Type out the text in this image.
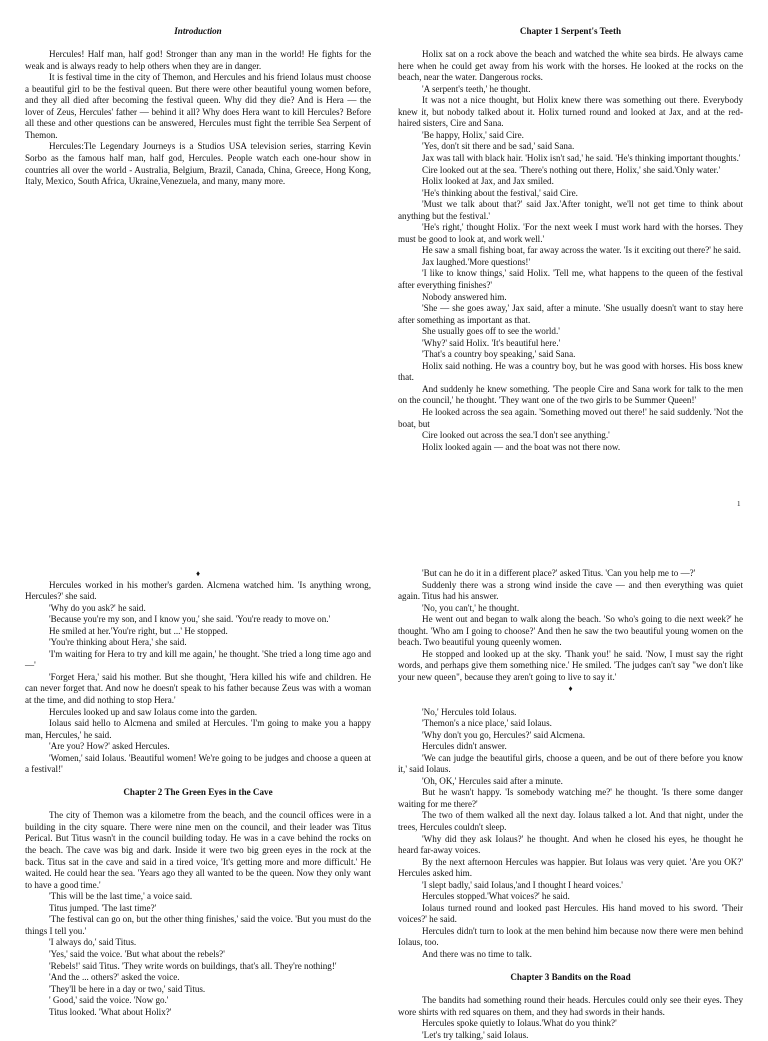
Introduction

Hercules! Half man, half god! Stronger than any man in the world! He fights for the weak and is always ready to help others when they are in danger.

It is festival time in the city of Themon, and Hercules and his friend Iolaus must choose a beautiful girl to be the festival queen. But there were other beautiful young women before, and they all died after becoming the festival queen. Why did they die? And is Hera — the lover of Zeus, Hercules' father — behind it all? Why does Hera want to kill Hercules? Before all these and other questions can be answered, Hercules must fight the terrible Sea Serpent of Themon.

Hercules:Tle Legendary Journeys is a Studios USA television series, starring Kevin Sorbo as the famous half man, half god, Hercules. People watch each one-hour show in countries all over the world - Australia, Belgium, Brazil, Canada, China, Greece, Hong Kong, Italy, Mexico, South Africa, Ukraine,Venezuela, and many, many more.

Chapter 1 Serpent's Teeth

Holix sat on a rock above the beach and watched the white sea birds. He always came here when he could get away from his work with the horses. He looked at the rocks on the beach, near the water. Dangerous rocks.

'A serpent's teeth,' he thought.

It was not a nice thought, but Holix knew there was something out there. Everybody knew it, but nobody talked about it. Holix turned round and looked at Jax, and at the red-haired sisters, Cire and Sana.

'Be happy, Holix,' said Cire.

'Yes, don't sit there and be sad,' said Sana.

Jax was tall with black hair. 'Holix isn't sad,' he said. 'He's thinking important thoughts.'

Cire looked out at the sea. 'There's nothing out there, Holix,' she said.'Only water.'

Holix looked at Jax, and Jax smiled.

'He's thinking about the festival,' said Cire.

'Must we talk about that?' said Jax.'After tonight, we'll not get time to think about anything but the festival.'

'He's right,' thought Holix. 'For the next week I must work hard with the horses. They must be good to look at, and work well.'

He saw a small fishing boat, far away across the water. 'Is it exciting out there?' he said.

Jax laughed.'More questions!'

'I like to know things,' said Holix. 'Tell me, what happens to the queen of the festival after everything finishes?'

Nobody answered him.

'She — she goes away,' Jax said, after a minute. 'She usually doesn't want to stay here after something as important as that.

She usually goes off to see the world.'

'Why?' said Holix. 'It's beautiful here.'

'That's a country boy speaking,' said Sana.

Holix said nothing. He was a country boy, but he was good with horses. His boss knew that.

And suddenly he knew something. 'The people Cire and Sana work for talk to the men on the council,' he thought. 'They want one of the two girls to be Summer Queen!'

He looked across the sea again. 'Something moved out there!' he said suddenly. 'Not the boat, but

Cire looked out across the sea.'I don't see anything.'

Holix looked again — and the boat was not there now.

1
♦

Hercules worked in his mother's garden. Alcmena watched him. 'Is anything wrong, Hercules?' she said.

'Why do you ask?' he said.

'Because you're my son, and I know you,' she said. 'You're ready to move on.'

He smiled at her.'You're right, but ...' He stopped.

'You're thinking about Hera,' she said.

'I'm waiting for Hera to try and kill me again,' he thought. 'She tried a long time ago and —'

'Forget Hera,' said his mother. But she thought, 'Hera killed his wife and children. He can never forget that. And now he doesn't speak to his father because Zeus was with a woman at the time, and did nothing to stop Hera.'

Hercules looked up and saw Iolaus come into the garden.

Iolaus said hello to Alcmena and smiled at Hercules. 'I'm going to make you a happy man, Hercules,' he said.

'Are you? How?' asked Hercules.

'Women,' said Iolaus. 'Beautiful women! We're going to be judges and choose a queen at a festival!'

Chapter 2 The Green Eyes in the Cave

The city of Themon was a kilometre from the beach, and the council offices were in a building in the city square. There were nine men on the council, and their leader was Titus Perical. But Titus wasn't in the council building today. He was in a cave behind the rocks on the beach. The cave was big and dark. Inside it were two big green eyes in the rock at the back. Titus sat in the cave and said in a tired voice, 'It's getting more and more difficult.' He waited. He could hear the sea. 'Years ago they all wanted to be the queen. Now they only want to have a good time.'

'This will be the last time,' a voice said.

Titus jumped. 'The last time?'

'The festival can go on, but the other thing finishes,' said the voice. 'But you must do the things I tell you.'

'I always do,' said Titus.

'Yes,' said the voice. 'But what about the rebels?'

'Rebels!' said Titus. 'They write words on buildings, that's all. They're nothing!'

'And the ... others?' asked the voice.

'They'll be here in a day or two,' said Titus.

' Good,' said the voice. 'Now go.'

Titus looked. 'What about Holix?'

'But can he do it in a different place?' asked Titus. 'Can you help me to —?'

Suddenly there was a strong wind inside the cave — and then everything was quiet again. Titus had his answer.

'No, you can't,' he thought.

He went out and began to walk along the beach. 'So who's going to die next week?' he thought. 'Who am I going to choose?' And then he saw the two beautiful young women on the beach. Two beautiful young queenly women.

He stopped and looked up at the sky. 'Thank you!' he said. 'Now, I must say the right words, and perhaps give them something nice.' He smiled. 'The judges can't say "we don't like your new queen", because they aren't going to live to say it.'

♦

'No,' Hercules told Iolaus.

'Themon's a nice place,' said Iolaus.

'Why don't you go, Hercules?' said Alcmena.

Hercules didn't answer.

'We can judge the beautiful girls, choose a queen, and be out of there before you know it,' said Iolaus.

'Oh, OK,' Hercules said after a minute.

But he wasn't happy. 'Is somebody watching me?' he thought. 'Is there some danger waiting for me there?'

The two of them walked all the next day. Iolaus talked a lot. And that night, under the trees, Hercules couldn't sleep.

'Why did they ask Iolaus?' he thought. And when he closed his eyes, he thought he heard far-away voices.

By the next afternoon Hercules was happier. But Iolaus was very quiet. 'Are you OK?' Hercules asked him.

'I slept badly,' said Iolaus,'and I thought I heard voices.'

Hercules stopped.'What voices?' he said.

Iolaus turned round and looked past Hercules. His hand moved to his sword. 'Their voices?' he said.

Hercules didn't turn to look at the men behind him because now there were men behind Iolaus, too.

And there was no time to talk.

Chapter 3 Bandits on the Road

The bandits had something round their heads. Hercules could only see their eyes. They wore shirts with red squares on them, and they had swords in their hands.

Hercules spoke quietly to Iolaus.'What do you think?'

'Let's try talking,' said Iolaus.
